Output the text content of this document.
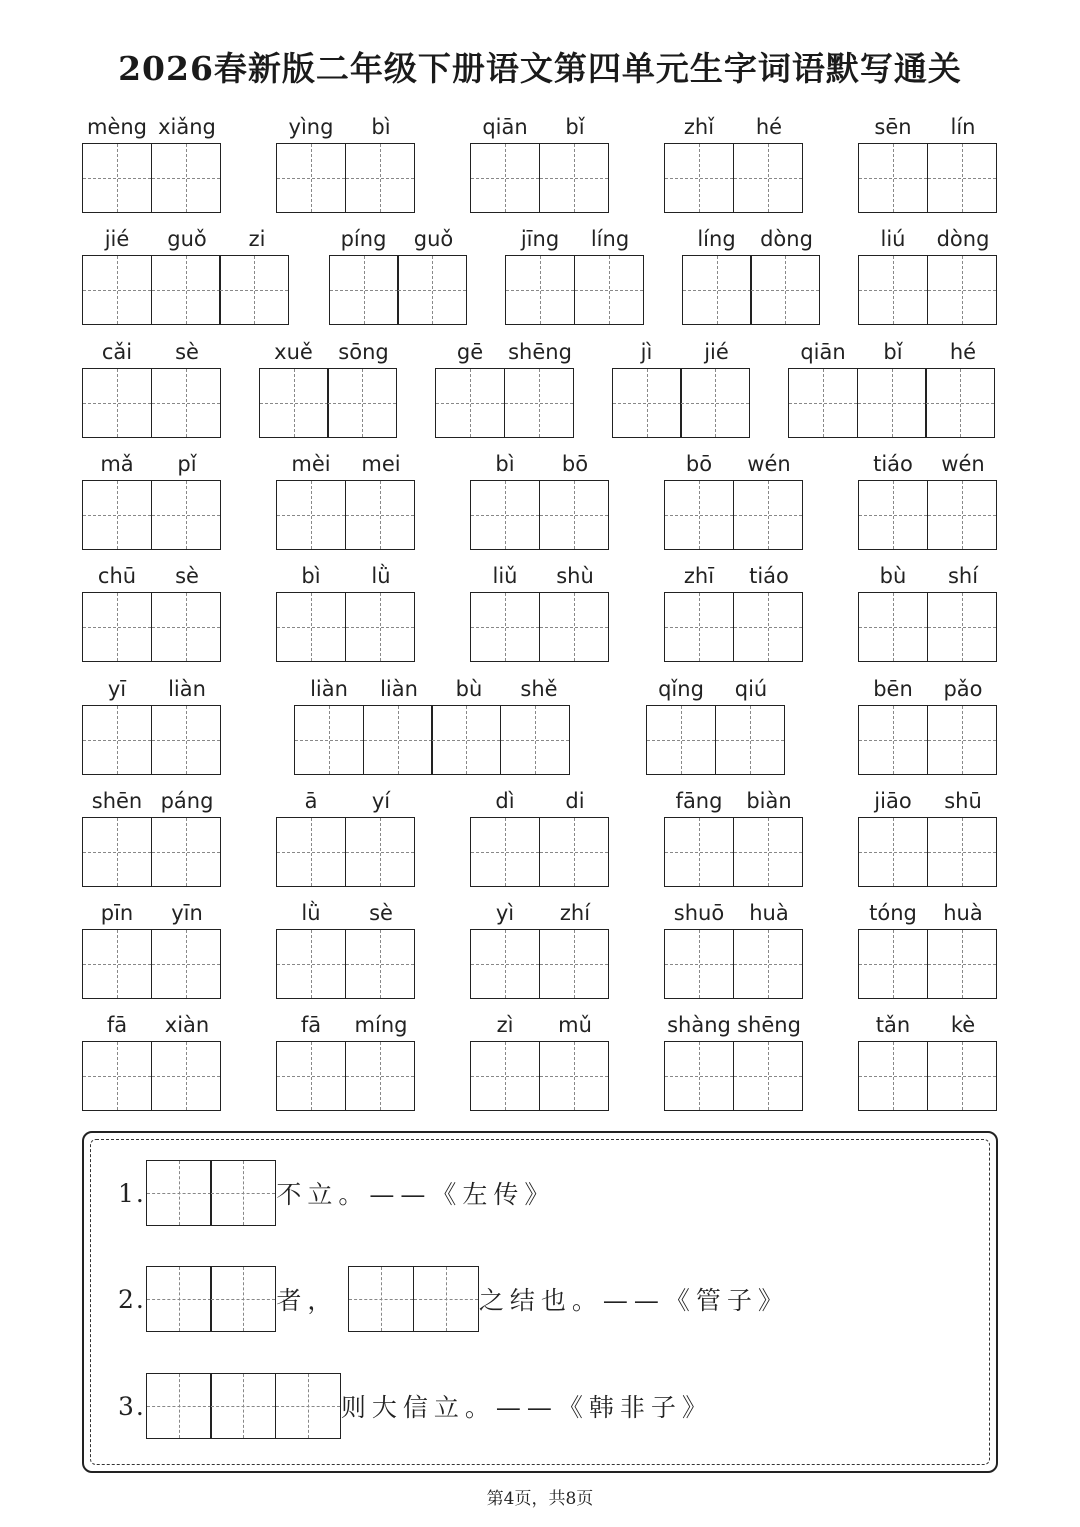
2026春新版二年级下册语文第四单元生字词语默写通关
mèng xiǎng	yìng	bì	qiān	bǐ	zhǐ	hé	sēn	lín
jié	guǒ	zi	píng	guǒ	jīng	líng	líng	dòng	liú	dòng
cǎi	sè	xuě	sōng	gē	shēng	jì	jié	qiān	bǐ	hé
mǎ	pǐ	mèi	mei	bì	bō	bō	wén	tiáo	wén
chū	sè	bì	lǜ	liǔ	shù	zhī	tiáo	bù	shí
yī	liàn	liàn	liàn	bù	shě	qǐng	qiú	bēn	pǎo
shēn páng	ā	yí	dì	di	fāng	biàn	jiāo	shū
pīn	yīn	lǜ	sè	yì	zhí	shuō	huà	tóng	huà
fā	xiàn	fā	míng	zì	mǔ	shàng shēng	tǎn	kè
1.	不立。——《左传》
2.	者，	之结也。——《管子》
3.	则大信立。——《韩非子》
第4页，共8页
